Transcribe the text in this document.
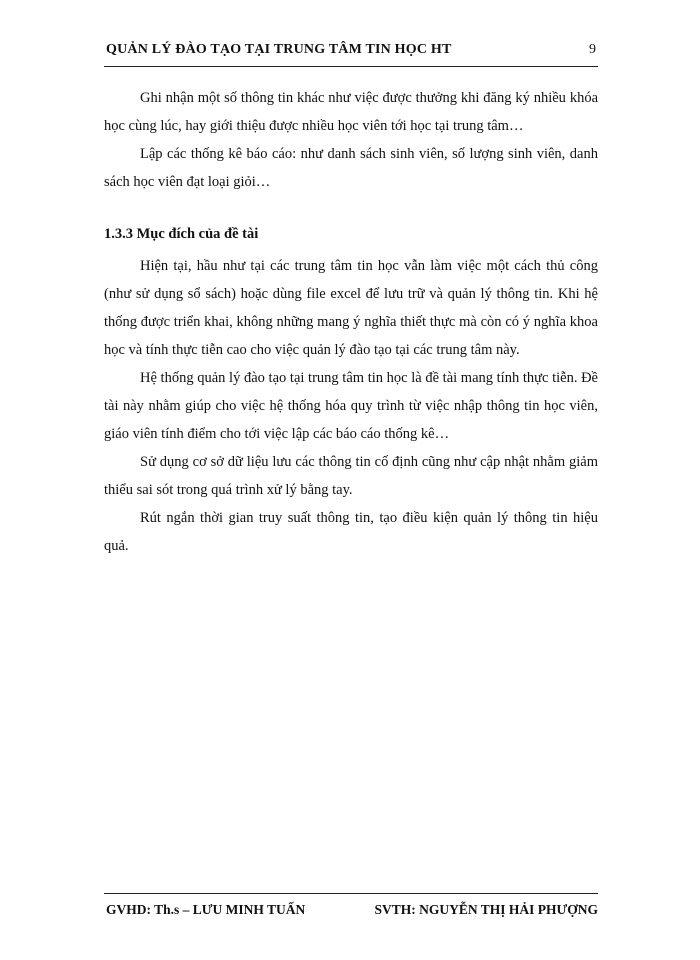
QUẢN LÝ ĐÀO TẠO TẠI TRUNG TÂM TIN HỌC HT	9

Ghi nhận một số thông tin khác như việc được thưởng khi đăng ký nhiều khóa học cùng lúc, hay giới thiệu được nhiều học viên tới học tại trung tâm…

Lập các thống kê báo cáo: như danh sách sinh viên, số lượng sinh viên, danh sách học viên đạt loại giỏi…

1.3.3 Mục đích của đề tài

Hiện tại, hầu như tại các trung tâm tin học vẫn làm việc một cách thủ công (như sử dụng sổ sách) hoặc dùng file excel để lưu trữ và quản lý thông tin. Khi hệ thống được triển khai, không những mang ý nghĩa thiết thực mà còn có ý nghĩa khoa học và tính thực tiễn cao cho việc quản lý đào tạo tại các trung tâm này.

Hệ thống quản lý đào tạo tại trung tâm tin học là đề tài mang tính thực tiễn. Đề tài này nhằm giúp cho việc hệ thống hóa quy trình từ việc nhập thông tin học viên, giáo viên tính điểm cho tới việc lập các báo cáo thống kê…

Sử dụng cơ sở dữ liệu lưu các thông tin cố định cũng như cập nhật nhằm giảm thiểu sai sót trong quá trình xử lý bằng tay.

Rút ngắn thời gian truy suất thông tin, tạo điều kiện quản lý thông tin hiệu quả.

GVHD: Th.s – LƯU MINH TUẤN	SVTH: NGUYỄN THỊ HẢI PHƯỢNG
